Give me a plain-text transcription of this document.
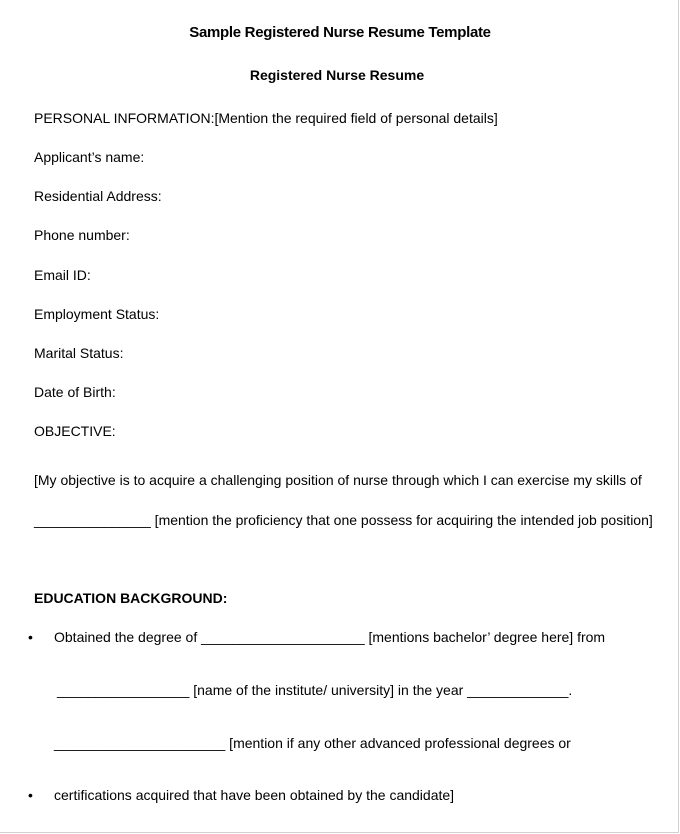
Sample Registered Nurse Resume Template
Registered Nurse Resume
PERSONAL INFORMATION:[Mention the required field of personal details]
Applicant’s name:
Residential Address:
Phone number:
Email ID:
Employment Status:
Marital Status:
Date of Birth:
OBJECTIVE:
[My objective is to acquire a challenging position of nurse through which I can exercise my skills of
_______________ [mention the proficiency that one possess for acquiring the intended job position]
EDUCATION BACKGROUND:
• Obtained the degree of _____________________ [mentions bachelor’ degree here] from
_________________ [name of the institute/ university] in the year _____________.
______________________ [mention if any other advanced professional degrees or
• certifications acquired that have been obtained by the candidate]
